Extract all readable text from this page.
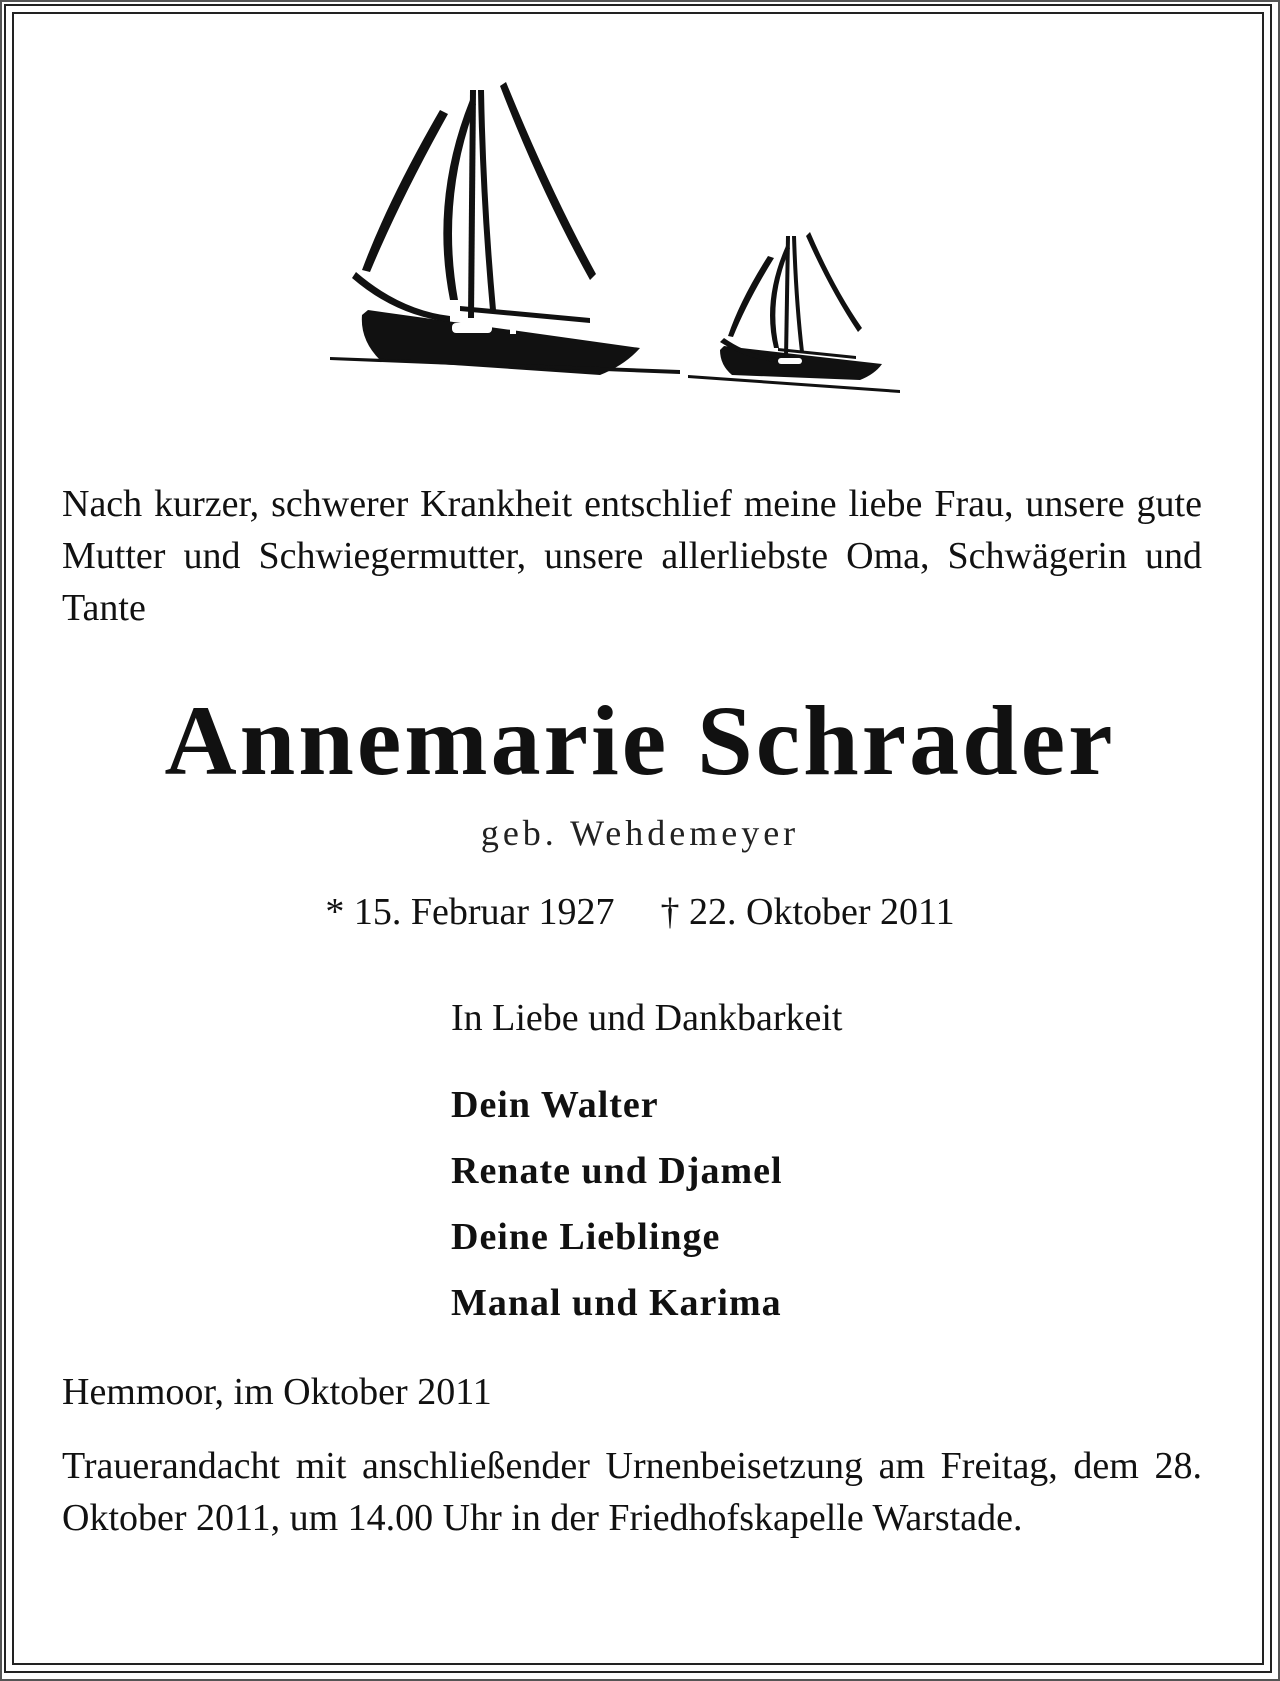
Nach kurzer, schwerer Krankheit entschlief meine liebe Frau, unsere gute Mutter und Schwiegermutter, unsere allerliebste Oma, Schwägerin und Tante
Annemarie Schrader
geb. Wehdemeyer
* 15. Februar 1927 † 22. Oktober 2011
In Liebe und Dankbarkeit
Dein Walter
Renate und Djamel
Deine Lieblinge
Manal und Karima
Hemmoor, im Oktober 2011
Trauerandacht mit anschließender Urnenbeisetzung am Freitag, dem 28. Oktober 2011, um 14.00 Uhr in der Friedhofskapelle Warstade.
